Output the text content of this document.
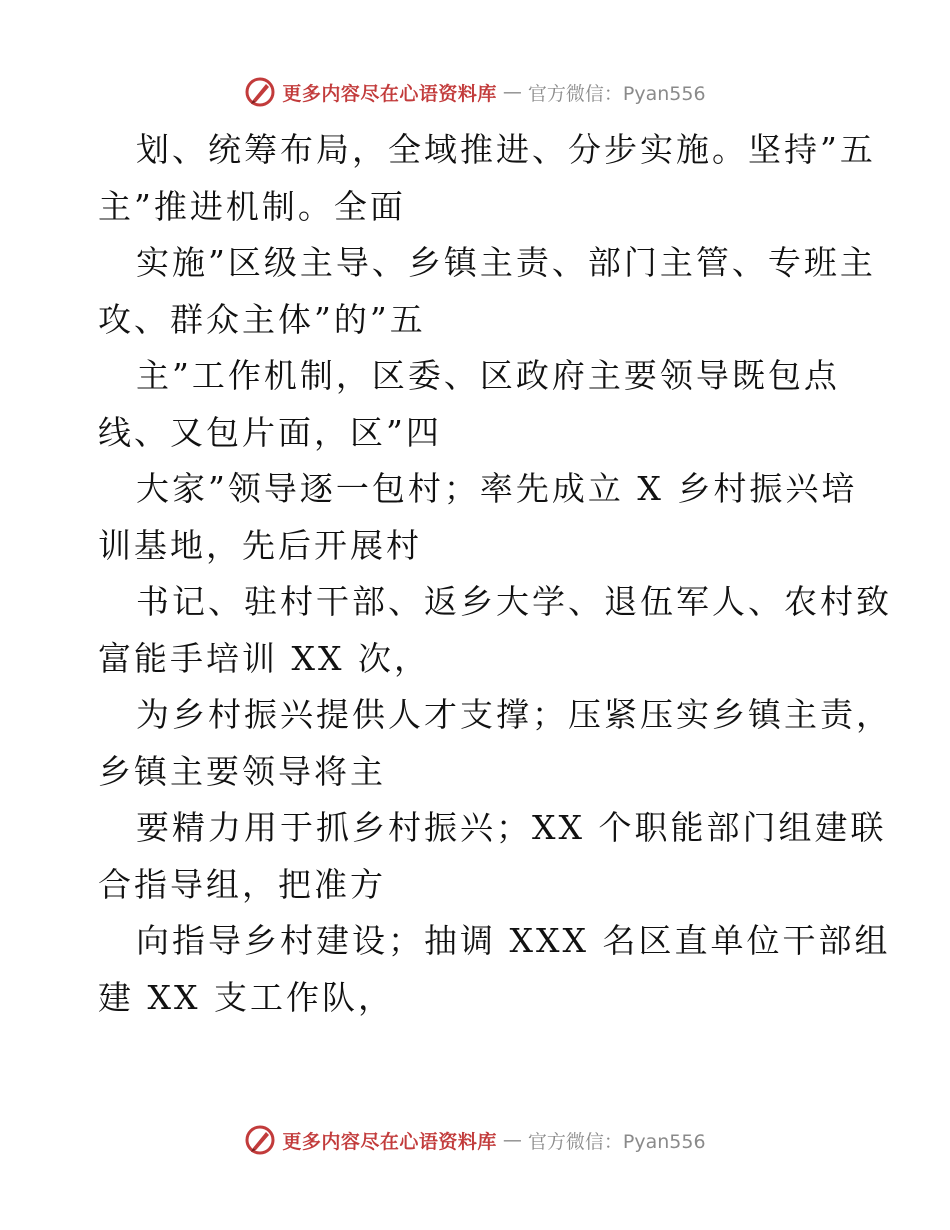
更多内容尽在心语资料库 — 官方微信：Pyan556
划、统筹布局，全域推进、分步实施。坚持”五
主”推进机制。全面
实施”区级主导、乡镇主责、部门主管、专班主
攻、群众主体”的”五
主”工作机制，区委、区政府主要领导既包点
线、又包片面，区”四
大家”领导逐一包村；率先成立 X 乡村振兴培
训基地，先后开展村
书记、驻村干部、返乡大学、退伍军人、农村致
富能手培训 XX 次，
为乡村振兴提供人才支撑；压紧压实乡镇主责，
乡镇主要领导将主
要精力用于抓乡村振兴；XX 个职能部门组建联
合指导组，把准方
向指导乡村建设；抽调 XXX 名区直单位干部组
建 XX 支工作队，
更多内容尽在心语资料库 — 官方微信：Pyan556
